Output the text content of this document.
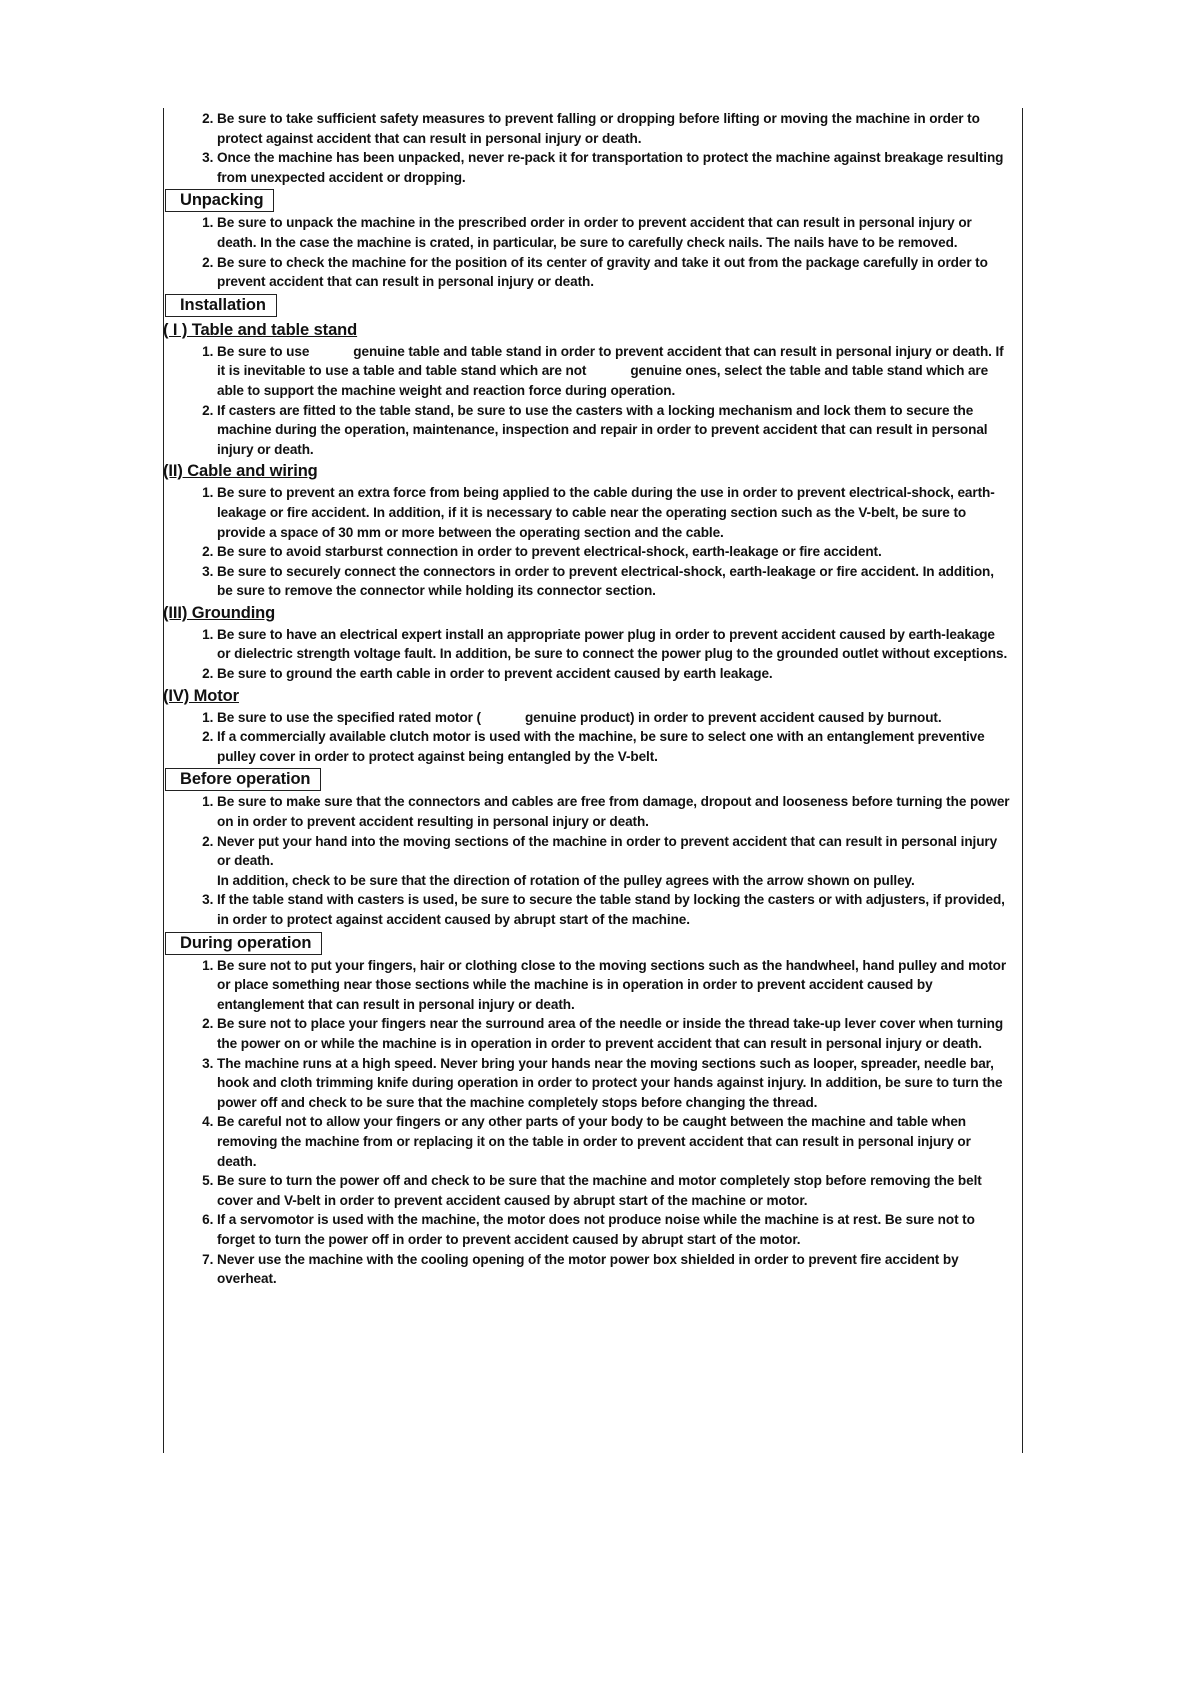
2. Be sure to take sufficient safety measures to prevent falling or dropping before lifting or moving the machine in order to protect against accident that can result in personal injury or death.
3. Once the machine has been unpacked, never re-pack it for transportation to protect the machine against breakage resulting from unexpected accident or dropping.
Unpacking
1. Be sure to unpack the machine in the prescribed order in order to prevent accident that can result in personal injury or death. In the case the machine is crated, in particular, be sure to carefully check nails. The nails have to be removed.
2. Be sure to check the machine for the position of its center of gravity and take it out from the package carefully in order to prevent accident that can result in personal injury or death.
Installation
( I ) Table and table stand
1. Be sure to use	genuine table and table stand in order to prevent accident that can result in personal injury or death. If it is inevitable to use a table and table stand which are not	genuine ones, select the table and table stand which are able to support the machine weight and reaction force during operation.
2. If casters are fitted to the table stand, be sure to use the casters with a locking mechanism and lock them to secure the machine during the operation, maintenance, inspection and repair in order to prevent accident that can result in personal injury or death.
(II) Cable and wiring
1. Be sure to prevent an extra force from being applied to the cable during the use in order to prevent electrical-shock, earth-leakage or fire accident. In addition, if it is necessary to cable near the operating section such as the V-belt, be sure to provide a space of 30 mm or more between the operating section and the cable.
2. Be sure to avoid starburst connection in order to prevent electrical-shock, earth-leakage or fire accident.
3. Be sure to securely connect the connectors in order to prevent electrical-shock, earth-leakage or fire accident. In addition, be sure to remove the connector while holding its connector section.
(III) Grounding
1. Be sure to have an electrical expert install an appropriate power plug in order to prevent accident caused by earth-leakage or dielectric strength voltage fault. In addition, be sure to connect the power plug to the grounded outlet without exceptions.
2. Be sure to ground the earth cable in order to prevent accident caused by earth leakage.
(IV) Motor
1. Be sure to use the specified rated motor (	genuine product) in order to prevent accident caused by burnout.
2. If a commercially available clutch motor is used with the machine, be sure to select one with an entanglement preventive pulley cover in order to protect against being entangled by the V-belt.
Before operation
1. Be sure to make sure that the connectors and cables are free from damage, dropout and looseness before turning the power on in order to prevent accident resulting in personal injury or death.
2. Never put your hand into the moving sections of the machine in order to prevent accident that can result in personal injury or death.
In addition, check to be sure that the direction of rotation of the pulley agrees with the arrow shown on pulley.
3. If the table stand with casters is used, be sure to secure the table stand by locking the casters or with adjusters, if provided, in order to protect against accident caused by abrupt start of the machine.
During operation
1. Be sure not to put your fingers, hair or clothing close to the moving sections such as the handwheel, hand pulley and motor or place something near those sections while the machine is in operation in order to prevent accident caused by entanglement that can result in personal injury or death.
2. Be sure not to place your fingers near the surround area of the needle or inside the thread take-up lever cover when turning the power on or while the machine is in operation in order to prevent accident that can result in personal injury or death.
3. The machine runs at a high speed. Never bring your hands near the moving sections such as looper, spreader, needle bar, hook and cloth trimming knife during operation in order to protect your hands against injury. In addition, be sure to turn the power off and check to be sure that the machine completely stops before changing the thread.
4. Be careful not to allow your fingers or any other parts of your body to be caught between the machine and table when removing the machine from or replacing it on the table in order to prevent accident that can result in personal injury or death.
5. Be sure to turn the power off and check to be sure that the machine and motor completely stop before removing the belt cover and V-belt in order to prevent accident caused by abrupt start of the machine or motor.
6. If a servomotor is used with the machine, the motor does not produce noise while the machine is at rest. Be sure not to forget to turn the power off in order to prevent accident caused by abrupt start of the motor.
7. Never use the machine with the cooling opening of the motor power box shielded in order to prevent fire accident by overheat.
